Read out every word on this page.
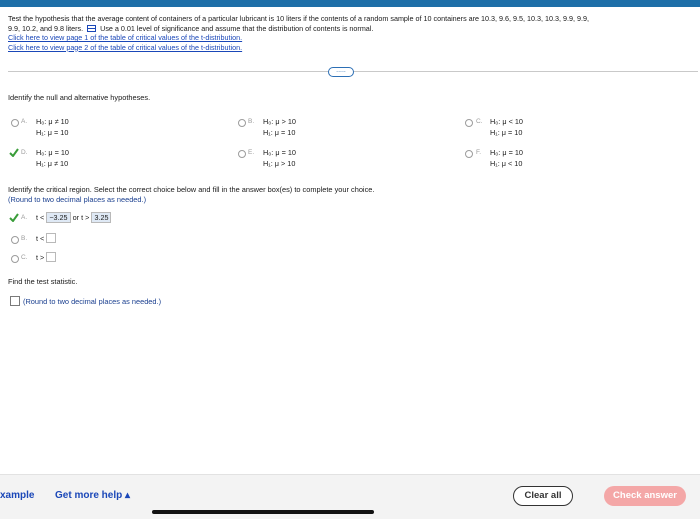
Test the hypothesis that the average content of containers of a particular lubricant is 10 liters if the contents of a random sample of 10 containers are 10.3, 9.6, 9.5, 10.3, 10.3, 9.9, 9.9,
9.9, 10.2, and 9.8 liters. Use a 0.01 level of significance and assume that the distribution of contents is normal.
Click here to view page 1 of the table of critical values of the t-distribution.
Click here to view page 2 of the table of critical values of the t-distribution.
.....
Identify the null and alternative hypotheses.
A. H₀: μ ≠ 10
H₁: μ = 10
B. H₀: μ > 10
H₁: μ = 10
C. H₀: μ < 10
H₁: μ = 10
D. H₀: μ = 10
H₁: μ ≠ 10
E. H₀: μ = 10
H₁: μ > 10
F. H₀: μ = 10
H₁: μ < 10
Identify the critical region. Select the correct choice below and fill in the answer box(es) to complete your choice.
(Round to two decimal places as needed.)
A. t < −3.25 or t > 3.25
B. t <
C. t >
Find the test statistic.
(Round to two decimal places as needed.)
xample Get more help ▴	Clear all	Check answer
